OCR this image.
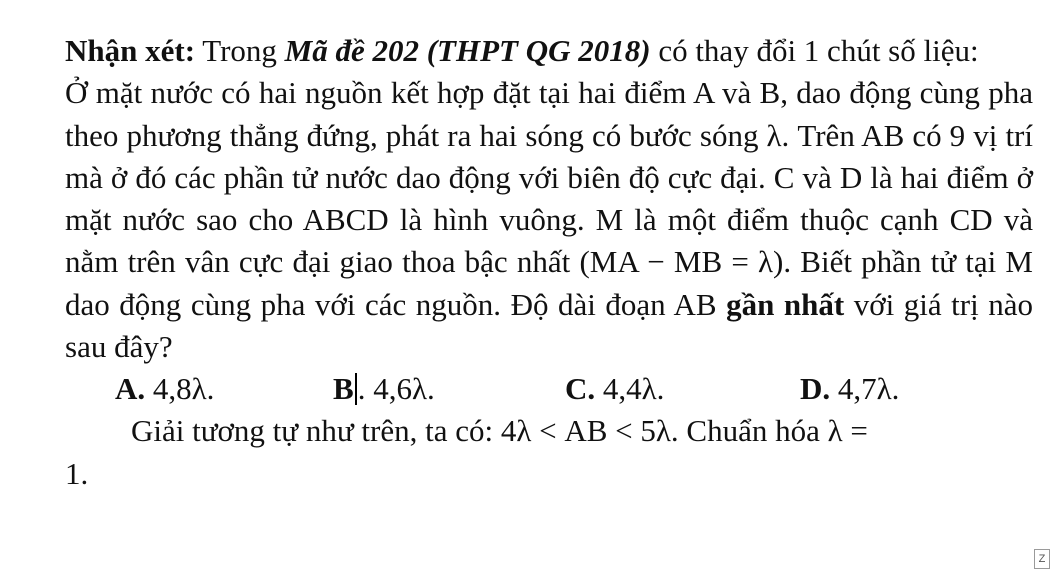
Nhận xét: Trong Mã đề 202 (THPT QG 2018) có thay đổi 1 chút số liệu:

Ở mặt nước có hai nguồn kết hợp đặt tại hai điểm A và B, dao động cùng pha theo phương thẳng đứng, phát ra hai sóng có bước sóng λ. Trên AB có 9 vị trí mà ở đó các phần tử nước dao động với biên độ cực đại. C và D là hai điểm ở mặt nước sao cho ABCD là hình vuông. M là một điểm thuộc cạnh CD và nằm trên vân cực đại giao thoa bậc nhất (MA − MB = λ). Biết phần tử tại M dao động cùng pha với các nguồn. Độ dài đoạn AB gần nhất với giá trị nào sau đây?

A. 4,8λ.	B . 4,6λ.	C. 4,4λ.	D. 4,7λ.

Giải tương tự như trên, ta có: 4λ < AB < 5λ. Chuẩn hóa λ =

1.

Z
